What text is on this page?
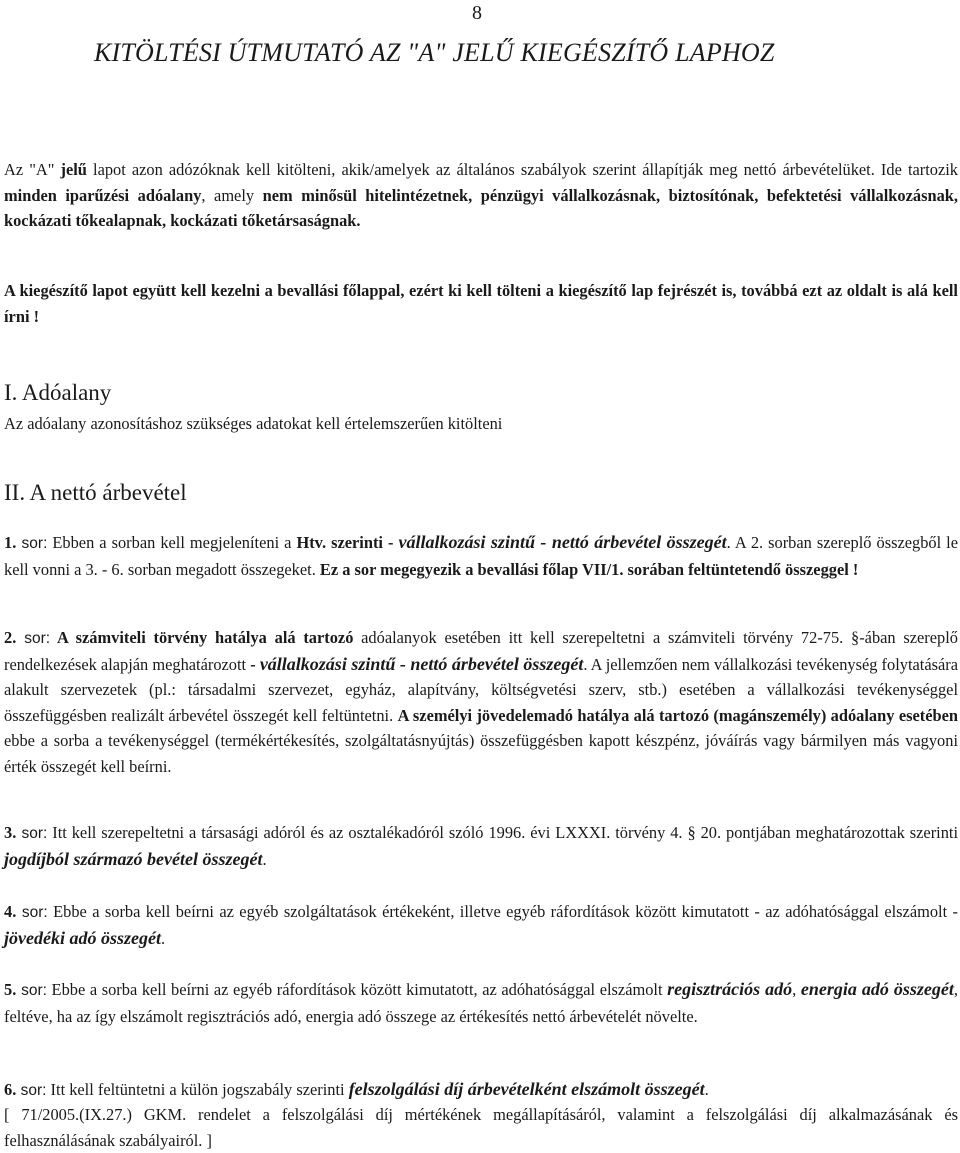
8
KITÖLTÉSI ÚTMUTATÓ AZ "A" JELŰ KIEGÉSZÍTŐ LAPHOZ

Az "A" jelű lapot azon adózóknak kell kitölteni, akik/amelyek az általános szabályok szerint állapítják meg nettó árbevételüket. Ide tartozik minden iparűzési adóalany, amely nem minősül hitelintézetnek, pénzügyi vállalkozásnak, biztosítónak, befektetési vállalkozásnak, kockázati tőkealapnak, kockázati tőketársaságnak.

A kiegészítő lapot együtt kell kezelni a bevallási főlappal, ezért ki kell tölteni a kiegészítő lap fejrészét is, továbbá ezt az oldalt is alá kell írni !

I. Adóalany

Az adóalany azonosításhoz szükséges adatokat kell értelemszerűen kitölteni

II. A nettó árbevétel

1. sor: Ebben a sorban kell megjeleníteni a Htv. szerinti - vállalkozási szintű - nettó árbevétel összegét. A 2. sorban szereplő összegből le kell vonni a 3. - 6. sorban megadott összegeket. Ez a sor megegyezik a bevallási főlap VII/1. sorában feltüntetendő összeggel !

2. sor: A számviteli törvény hatálya alá tartozó adóalanyok esetében itt kell szerepeltetni a számviteli törvény 72-75. §-ában szereplő rendelkezések alapján meghatározott - vállalkozási szintű - nettó árbevétel összegét. A jellemzően nem vállalkozási tevékenység folytatására alakult szervezetek (pl.: társadalmi szervezet, egyház, alapítvány, költségvetési szerv, stb.) esetében a vállalkozási tevékenységgel összefüggésben realizált árbevétel összegét kell feltüntetni. A személyi jövedelemadó hatálya alá tartozó (magánszemély) adóalany esetében ebbe a sorba a tevékenységgel (termékértékesítés, szolgáltatásnyújtás) összefüggésben kapott készpénz, jóváírás vagy bármilyen más vagyoni érték összegét kell beírni.

3. sor: Itt kell szerepeltetni a társasági adóról és az osztalékadóról szóló 1996. évi LXXXI. törvény 4. § 20. pontjában meghatározottak szerinti jogdíjból származó bevétel összegét.

4. sor: Ebbe a sorba kell beírni az egyéb szolgáltatások értékeként, illetve egyéb ráfordítások között kimutatott - az adóhatósággal elszámolt - jövedéki adó összegét.

5. sor: Ebbe a sorba kell beírni az egyéb ráfordítások között kimutatott, az adóhatósággal elszámolt regisztrációs adó, energia adó összegét, feltéve, ha az így elszámolt regisztrációs adó, energia adó összege az értékesítés nettó árbevételét növelte.

6. sor: Itt kell feltüntetni a külön jogszabály szerinti felszolgálási díj árbevételként elszámolt összegét.

[ 71/2005.(IX.27.) GKM. rendelet a felszolgálási díj mértékének megállapításáról, valamint a felszolgálási díj alkalmazásának és felhasználásának szabályairól. ]
